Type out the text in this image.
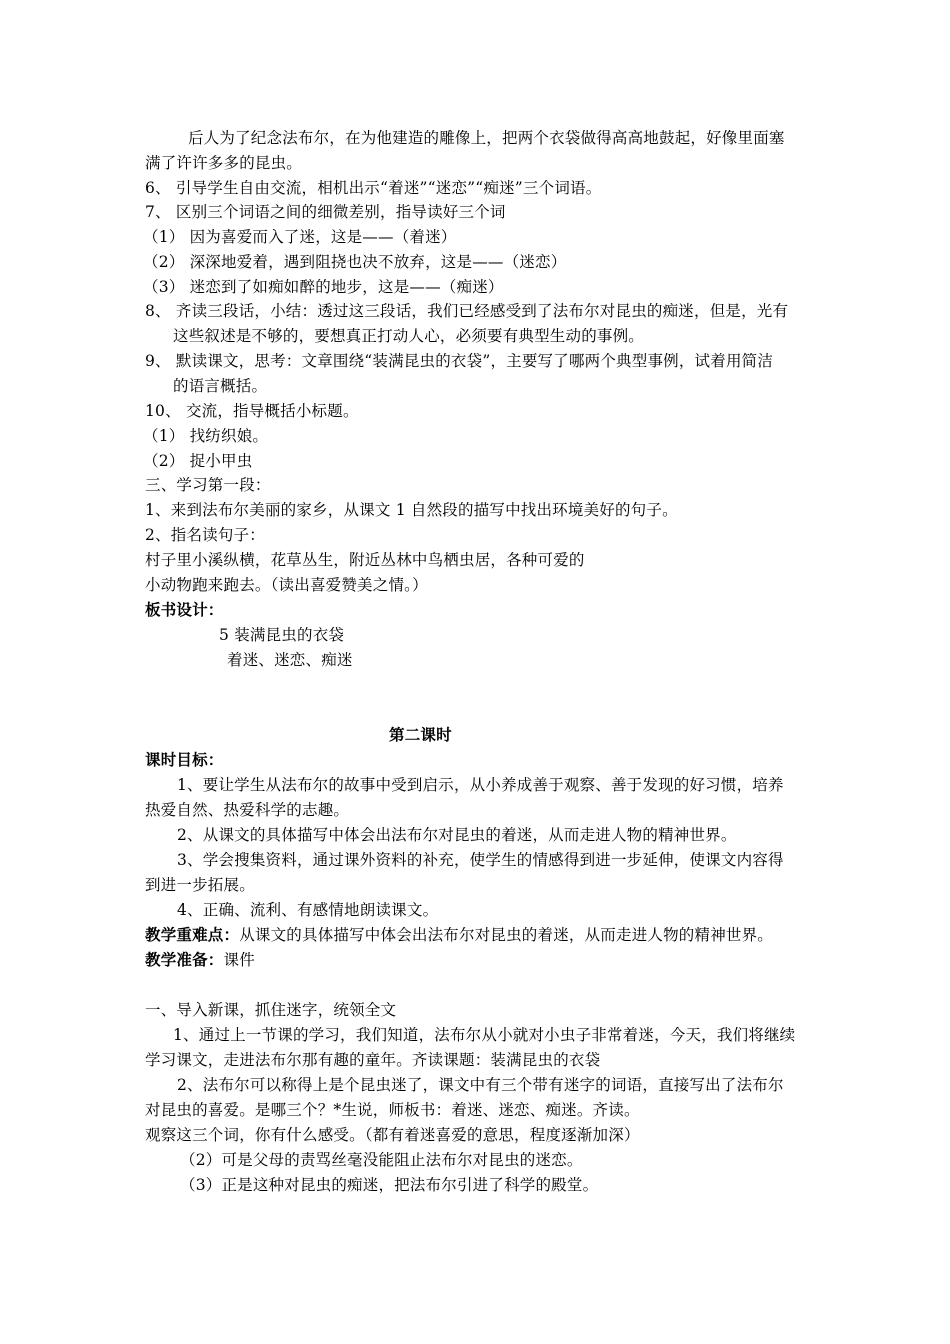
后人为了纪念法布尔，在为他建造的雕像上，把两个衣袋做得高高地鼓起，好像里面塞
满了许许多多的昆虫。
6、 引导学生自由交流，相机出示“着迷”“迷恋”“痴迷”三个词语。
7、 区别三个词语之间的细微差别，指导读好三个词
（1） 因为喜爱而入了迷，这是——（着迷）
（2） 深深地爱着，遇到阻挠也决不放弃，这是——（迷恋）
（3） 迷恋到了如痴如醉的地步，这是——（痴迷）
8、 齐读三段话，小结：透过这三段话，我们已经感受到了法布尔对昆虫的痴迷，但是，光有
这些叙述是不够的，要想真正打动人心，必须要有典型生动的事例。
9、 默读课文，思考：文章围绕“装满昆虫的衣袋”，主要写了哪两个典型事例，试着用简洁
的语言概括。
10、 交流，指导概括小标题。
（1） 找纺织娘。
（2） 捉小甲虫
三、学习第一段：
1、来到法布尔美丽的家乡，从课文 1 自然段的描写中找出环境美好的句子。
2、指名读句子：
村子里小溪纵横，花草丛生，附近丛林中鸟栖虫居，各种可爱的
小动物跑来跑去。（读出喜爱赞美之情。）
板书设计：
5 装满昆虫的衣袋
着迷、迷恋、痴迷
第二课时
课时目标：
1、要让学生从法布尔的故事中受到启示，从小养成善于观察、善于发现的好习惯，培养
热爱自然、热爱科学的志趣。
2、从课文的具体描写中体会出法布尔对昆虫的着迷，从而走进人物的精神世界。
3、学会搜集资料，通过课外资料的补充，使学生的情感得到进一步延伸，使课文内容得
到进一步拓展。
4、正确、流利、有感情地朗读课文。
教学重难点：从课文的具体描写中体会出法布尔对昆虫的着迷，从而走进人物的精神世界。
教学准备：课件
一、导入新课，抓住迷字，统领全文
1、通过上一节课的学习，我们知道，法布尔从小就对小虫子非常着迷，今天，我们将继续
学习课文，走进法布尔那有趣的童年。齐读课题：装满昆虫的衣袋
2、法布尔可以称得上是个昆虫迷了，课文中有三个带有迷字的词语，直接写出了法布尔
对昆虫的喜爱。是哪三个？*生说，师板书：着迷、迷恋、痴迷。齐读。
观察这三个词，你有什么感受。（都有着迷喜爱的意思，程度逐渐加深）
（2）可是父母的责骂丝毫没能阻止法布尔对昆虫的迷恋。
（3）正是这种对昆虫的痴迷，把法布尔引进了科学的殿堂。
